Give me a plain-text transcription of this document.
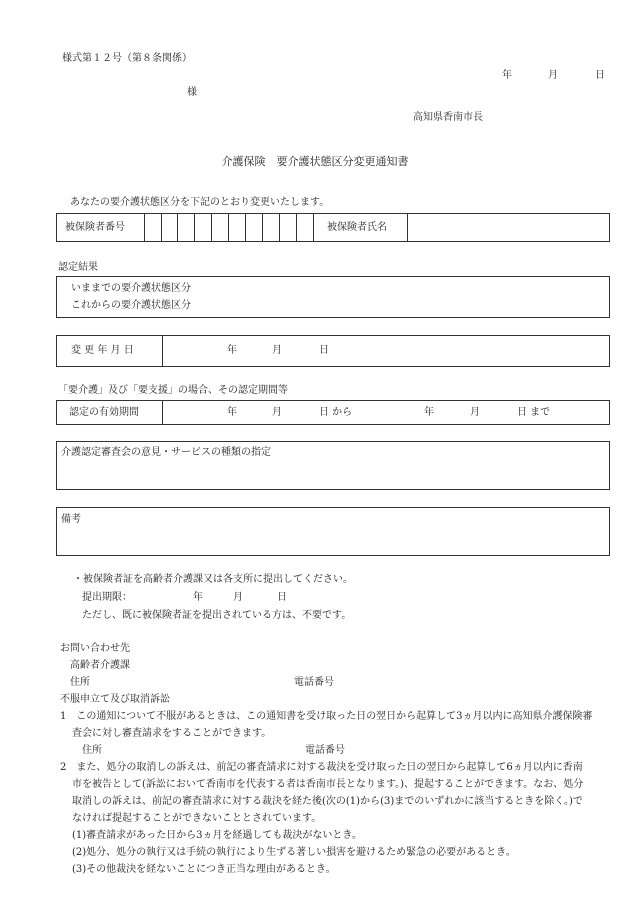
様式第１２号（第８条関係）
年	月	日
様
高知県香南市長
介護保険　要介護状態区分変更通知書
あなたの要介護状態区分を下記のとおり変更いたします。
被保険者番号	被保険者氏名
認定結果
いままでの要介護状態区分
これからの要介護状態区分
変 更 年 月 日	年	月	日
「要介護」及び「要支援」の場合、その認定期間等
認定の有効期間	年	月	日 から	年	月	日 まで
介護認定審査会の意見・サービスの種類の指定
備考
・被保険者証を高齢者介護課又は各支所に提出してください。
提出期限：	年	月	日
ただし、既に被保険者証を提出されている方は、不要です。
お問い合わせ先
高齢者介護課
住所	電話番号
不服申立て及び取消訴訟
1　この通知について不服があるときは、この通知書を受け取った日の翌日から起算して3ヵ月以内に高知県介護保険審
査会に対し審査請求をすることができます。
住所	電話番号
2　また、処分の取消しの訴えは、前記の審査請求に対する裁決を受け取った日の翌日から起算して6ヵ月以内に香南
市を被告として(訴訟において香南市を代表する者は香南市長となります。)、提起することができます。なお、処分
取消しの訴えは、前記の審査請求に対する裁決を経た後(次の(1)から(3)までのいずれかに該当するときを除く。)で
なければ提起することができないこととされています。
(1)審査請求があった日から3ヵ月を経過しても裁決がないとき。
(2)処分、処分の執行又は手続の執行により生ずる著しい損害を避けるため緊急の必要があるとき。
(3)その他裁決を経ないことにつき正当な理由があるとき。
